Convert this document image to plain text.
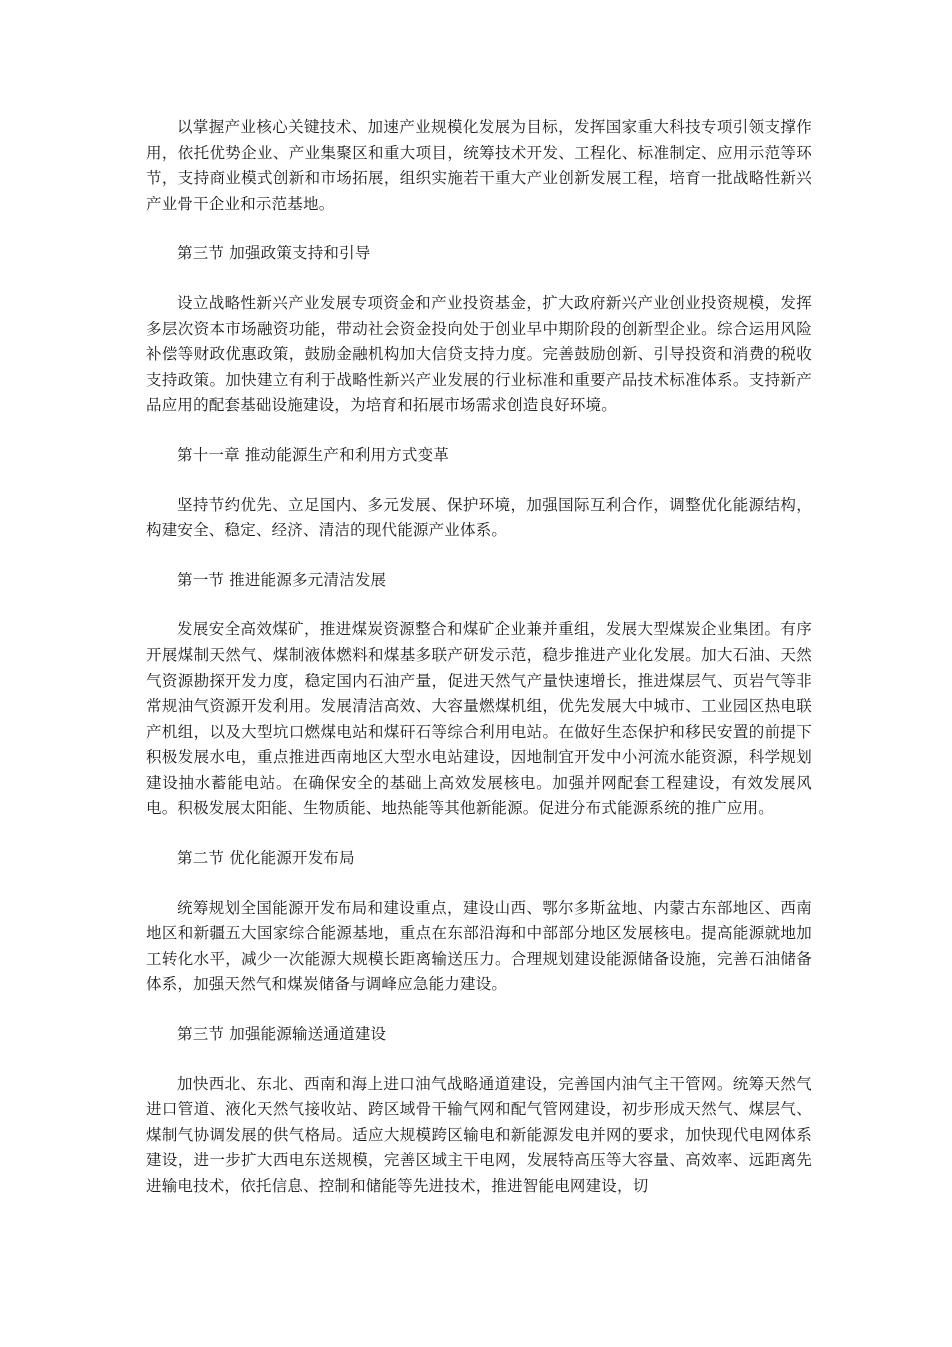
以掌握产业核心关键技术、加速产业规模化发展为目标，发挥国家重大科技专项引领支撑作用，依托优势企业、产业集聚区和重大项目，统筹技术开发、工程化、标准制定、应用示范等环节，支持商业模式创新和市场拓展，组织实施若干重大产业创新发展工程，培育一批战略性新兴产业骨干企业和示范基地。

第三节 加强政策支持和引导

设立战略性新兴产业发展专项资金和产业投资基金，扩大政府新兴产业创业投资规模，发挥多层次资本市场融资功能，带动社会资金投向处于创业早中期阶段的创新型企业。综合运用风险补偿等财政优惠政策，鼓励金融机构加大信贷支持力度。完善鼓励创新、引导投资和消费的税收支持政策。加快建立有利于战略性新兴产业发展的行业标准和重要产品技术标准体系。支持新产品应用的配套基础设施建设，为培育和拓展市场需求创造良好环境。

第十一章 推动能源生产和利用方式变革

坚持节约优先、立足国内、多元发展、保护环境，加强国际互利合作，调整优化能源结构，构建安全、稳定、经济、清洁的现代能源产业体系。

第一节 推进能源多元清洁发展

发展安全高效煤矿，推进煤炭资源整合和煤矿企业兼并重组，发展大型煤炭企业集团。有序开展煤制天然气、煤制液体燃料和煤基多联产研发示范，稳步推进产业化发展。加大石油、天然气资源勘探开发力度，稳定国内石油产量，促进天然气产量快速增长，推进煤层气、页岩气等非常规油气资源开发利用。发展清洁高效、大容量燃煤机组，优先发展大中城市、工业园区热电联产机组，以及大型坑口燃煤电站和煤矸石等综合利用电站。在做好生态保护和移民安置的前提下积极发展水电，重点推进西南地区大型水电站建设，因地制宜开发中小河流水能资源，科学规划建设抽水蓄能电站。在确保安全的基础上高效发展核电。加强并网配套工程建设，有效发展风电。积极发展太阳能、生物质能、地热能等其他新能源。促进分布式能源系统的推广应用。

第二节 优化能源开发布局

统筹规划全国能源开发布局和建设重点，建设山西、鄂尔多斯盆地、内蒙古东部地区、西南地区和新疆五大国家综合能源基地，重点在东部沿海和中部部分地区发展核电。提高能源就地加工转化水平，减少一次能源大规模长距离输送压力。合理规划建设能源储备设施，完善石油储备体系，加强天然气和煤炭储备与调峰应急能力建设。

第三节 加强能源输送通道建设

加快西北、东北、西南和海上进口油气战略通道建设，完善国内油气主干管网。统筹天然气进口管道、液化天然气接收站、跨区域骨干输气网和配气管网建设，初步形成天然气、煤层气、煤制气协调发展的供气格局。适应大规模跨区输电和新能源发电并网的要求，加快现代电网体系建设，进一步扩大西电东送规模，完善区域主干电网，发展特高压等大容量、高效率、远距离先进输电技术，依托信息、控制和储能等先进技术，推进智能电网建设，切
